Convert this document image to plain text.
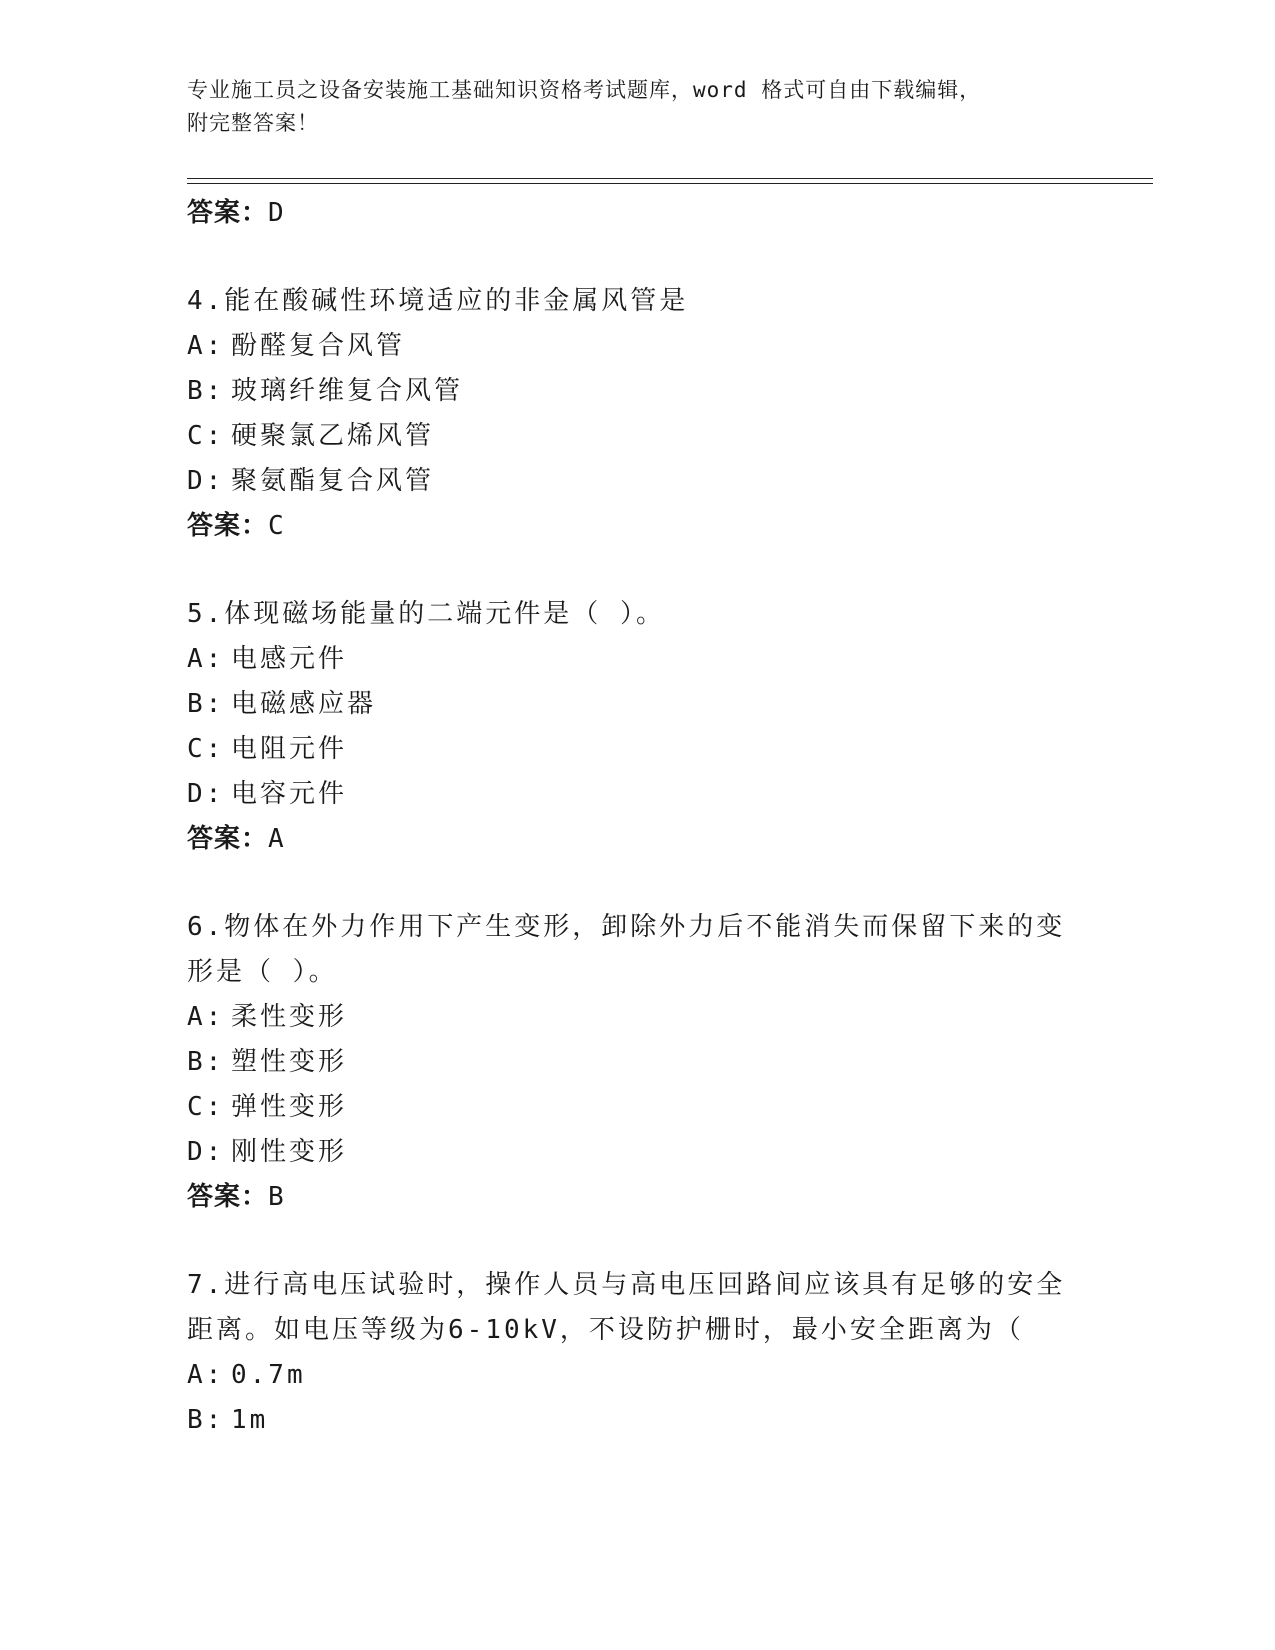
专业施工员之设备安装施工基础知识资格考试题库，word 格式可自由下载编辑，
附完整答案！
答案：D
4.能在酸碱性环境适应的非金属风管是
A: 酚醛复合风管
B: 玻璃纤维复合风管
C: 硬聚氯乙烯风管
D: 聚氨酯复合风管
答案：C
5.体现磁场能量的二端元件是（ ）。
A: 电感元件
B: 电磁感应器
C: 电阻元件
D: 电容元件
答案：A
6.物体在外力作用下产生变形，卸除外力后不能消失而保留下来的变形是（ ）。
A: 柔性变形
B: 塑性变形
C: 弹性变形
D: 刚性变形
答案：B
7.进行高电压试验时，操作人员与高电压回路间应该具有足够的安全距离。如电压等级为6-10kV，不设防护栅时，最小安全距离为（
A: 0.7m
B: 1m
